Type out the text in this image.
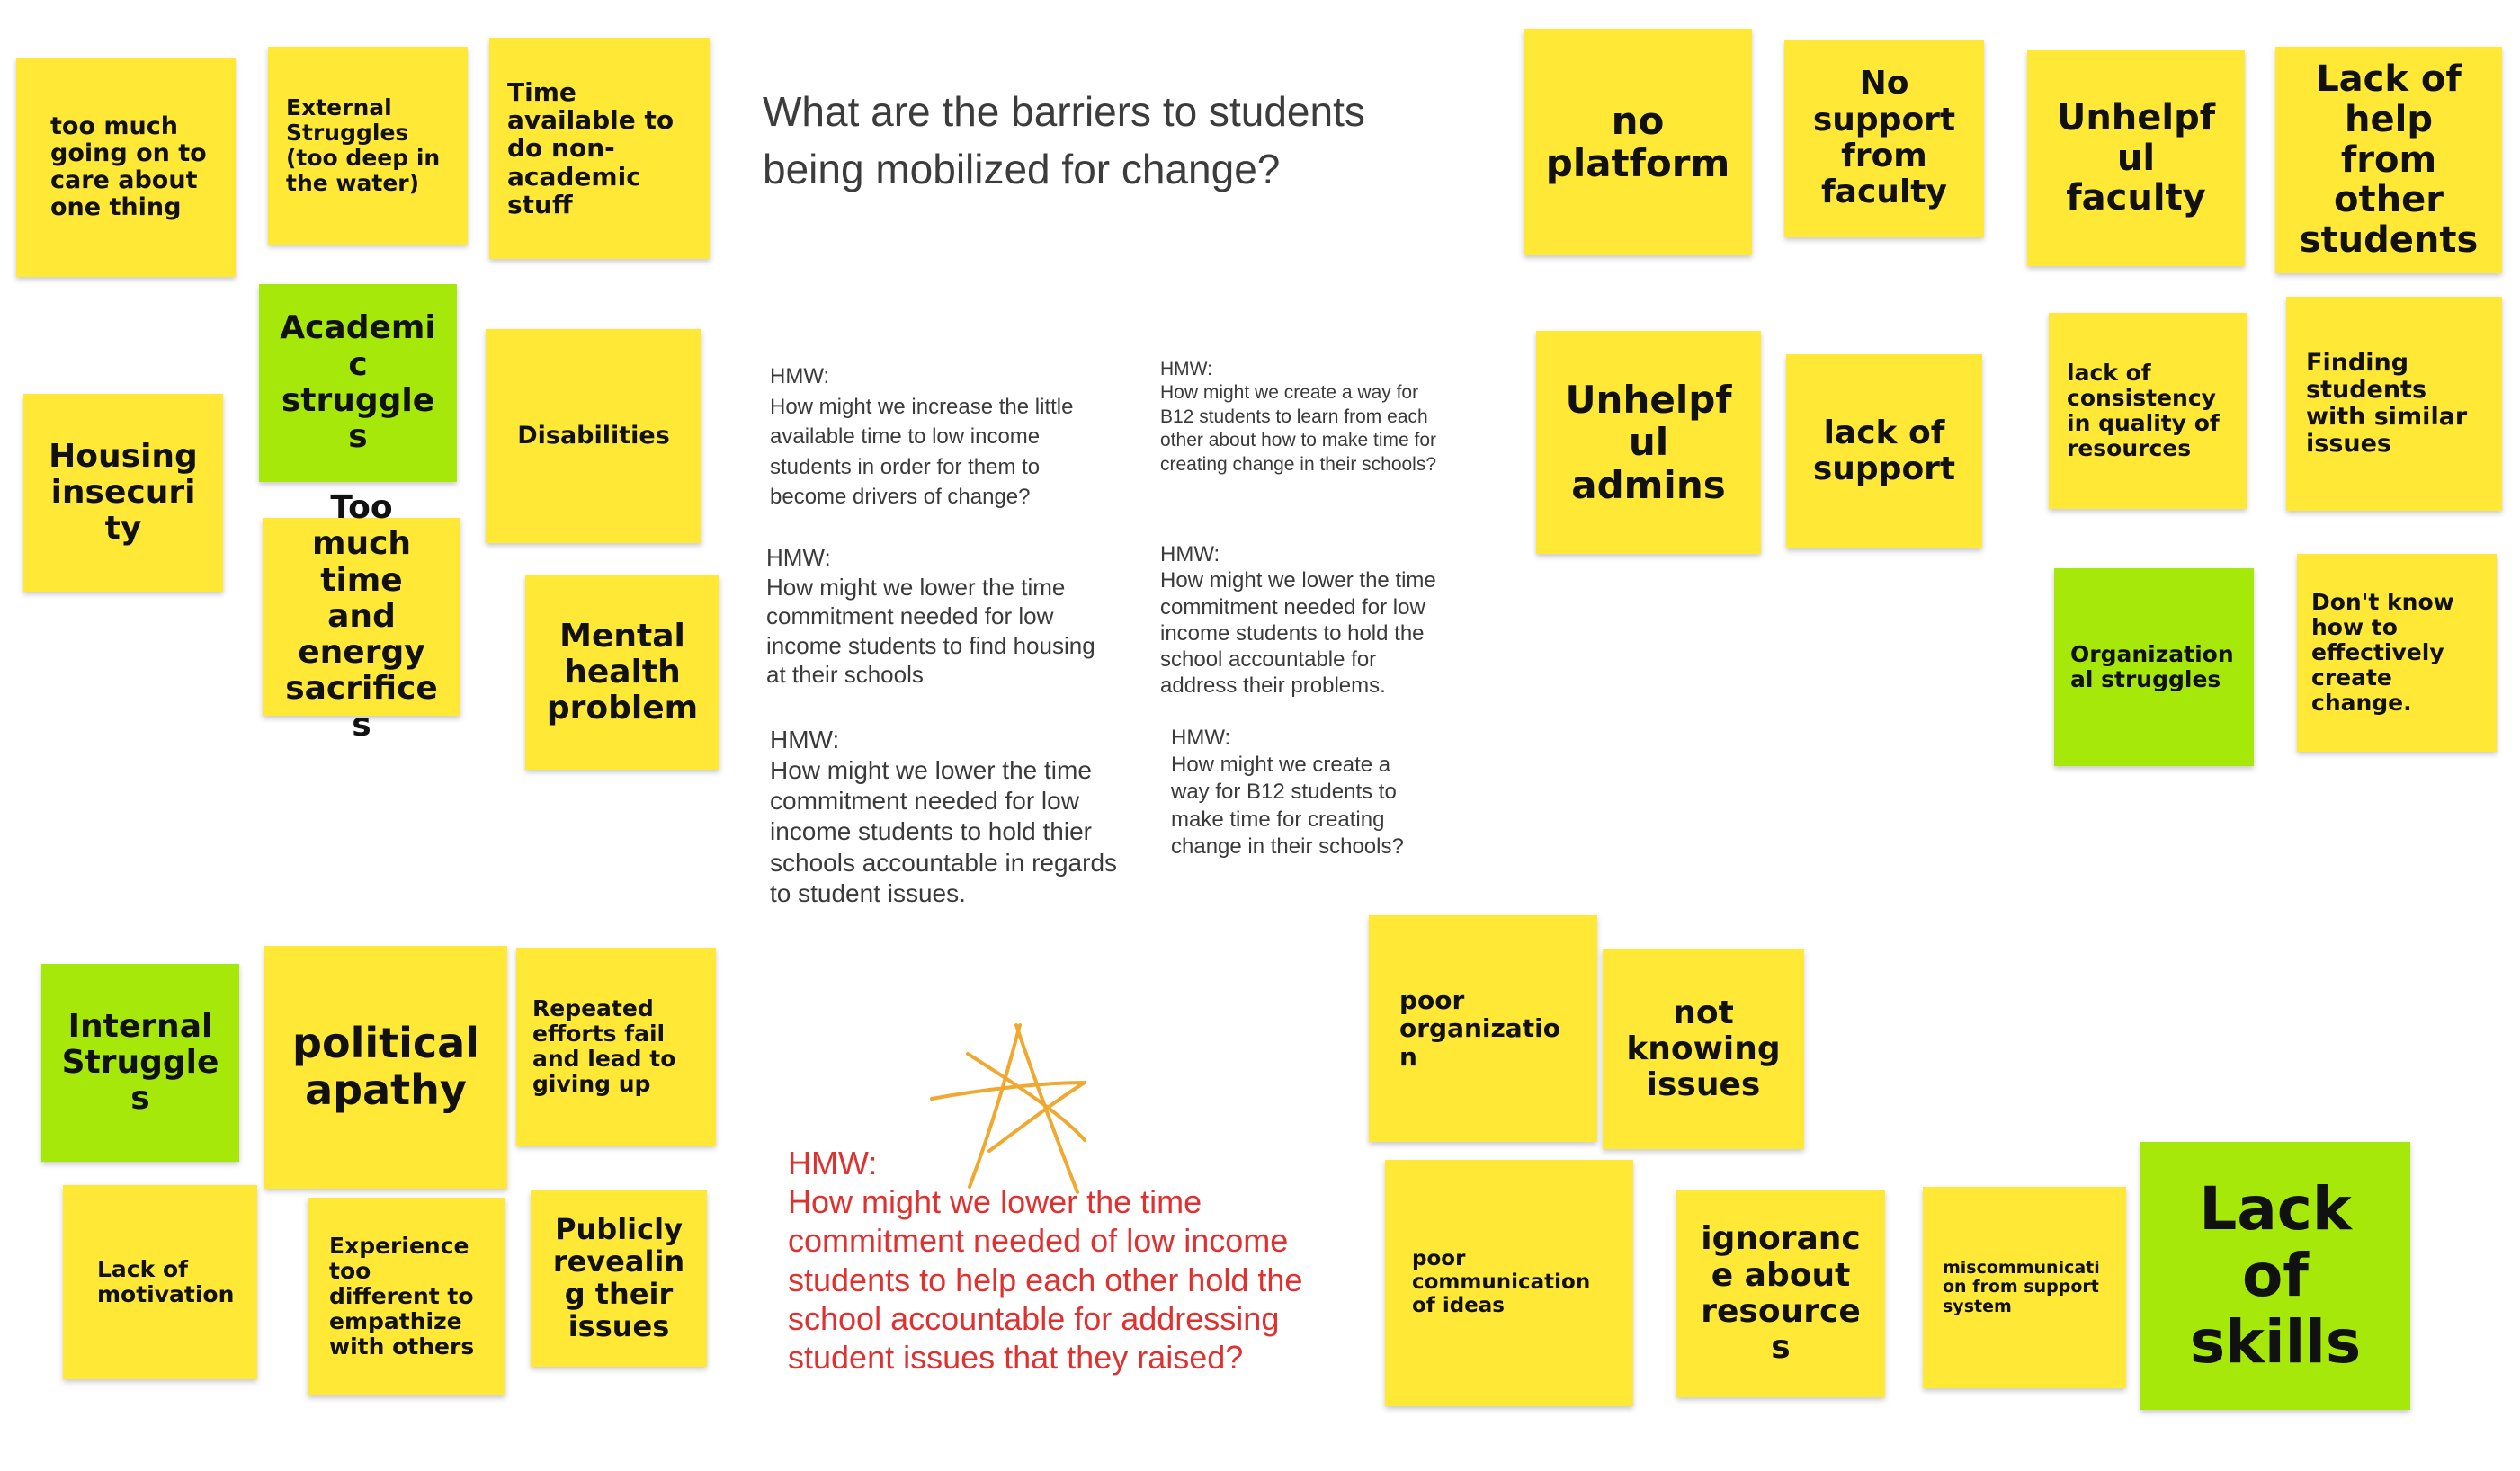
What are the barriers to students being mobilized for change?
too much going on to care about one thing
External Struggles (too deep in the water)
Time available to do non-academic stuff
Academic struggles
Housing insecurity
Disabilities
Too much time and energy sacrifices
Mental health problem
no platform
No support from faculty
Unhelpful faculty
Lack of help from other students
Unhelpful admins
lack of support
lack of consistency in quality of resources
Finding students with similar issues
Organizational struggles
Don't know how to effectively create change.
Internal Struggles
political apathy
Repeated efforts fail and lead to giving up
Lack of motivation
Experience too different to empathize with others
Publicly revealing their issues
poor organization
not knowing issues
poor communication of ideas
ignorance about resources
miscommunication from support system
Lack of skills
HMW:
How might we increase the little available time to low income students in order for them to become drivers of change?
HMW:
How might we lower the time commitment needed for low income students to find housing at their schools
HMW:
How might we lower the time commitment needed for low income students to hold thier schools accountable in regards to student issues.
HMW:
How might we create a way for B12 students to learn from each other about how to make time for creating change in their schools?
HMW:
How might we lower the time commitment needed for low income students to hold the school accountable for address their problems.
HMW:
How might we create a way for B12 students to make time for creating change in their schools?
HMW:
How might we lower the time commitment needed of low income students to help each other hold the school accountable for addressing student issues that they raised?
